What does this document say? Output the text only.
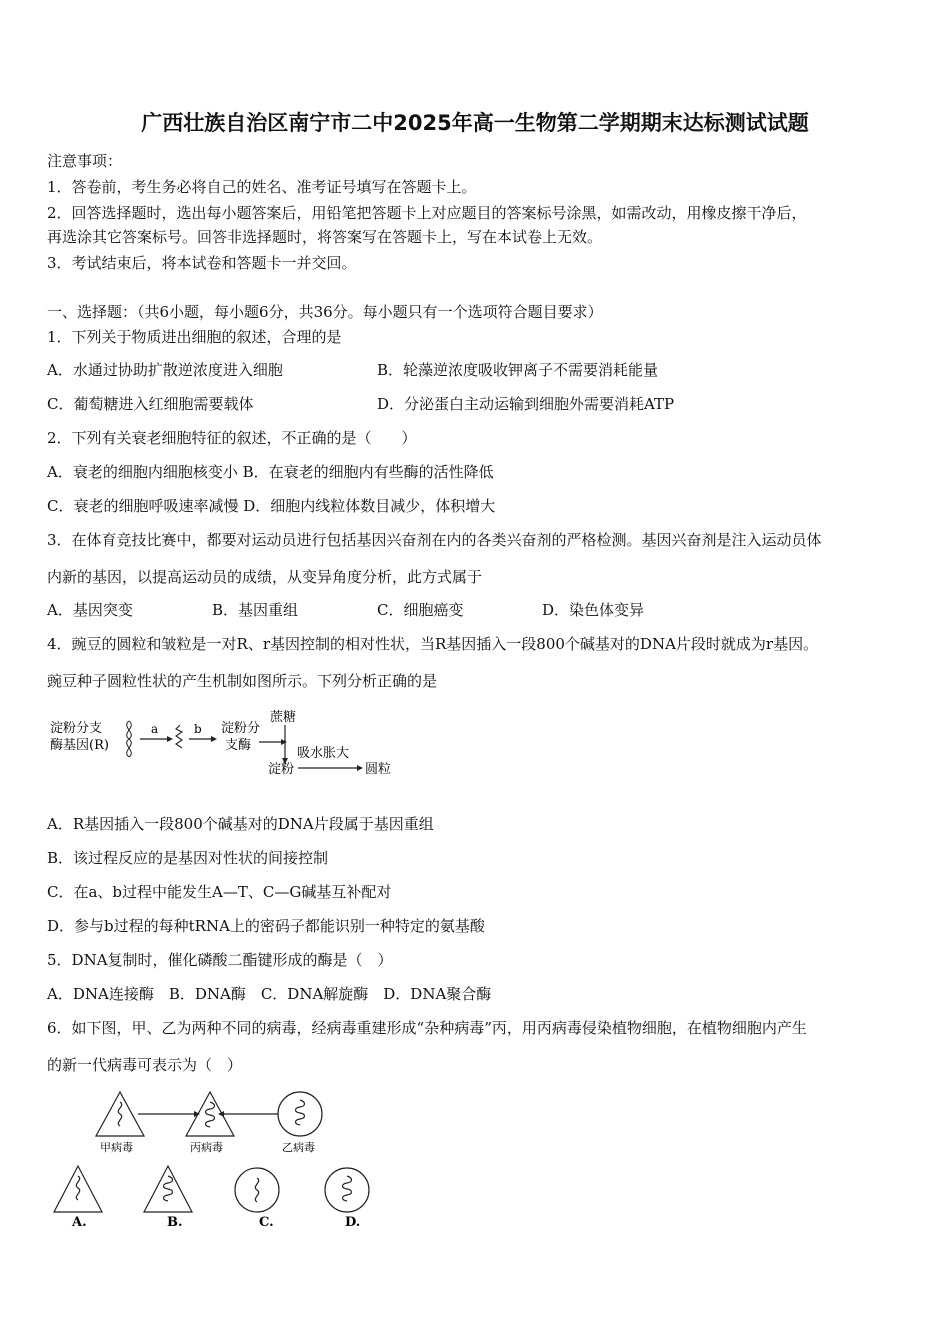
广西壮族自治区南宁市二中2025年高一生物第二学期期末达标测试试题
注意事项：
1．答卷前，考生务必将自己的姓名、准考证号填写在答题卡上。
2．回答选择题时，选出每小题答案后，用铅笔把答题卡上对应题目的答案标号涂黑，如需改动，用橡皮擦干净后，
再选涂其它答案标号。回答非选择题时，将答案写在答题卡上，写在本试卷上无效。
3．考试结束后，将本试卷和答题卡一并交回。
一、选择题：（共6小题，每小题6分，共36分。每小题只有一个选项符合题目要求）
1．下列关于物质进出细胞的叙述，合理的是
A．水通过协助扩散逆浓度进入细胞	B．轮藻逆浓度吸收钾离子不需要消耗能量
C．葡萄糖进入红细胞需要载体	D．分泌蛋白主动运输到细胞外需要消耗ATP
2．下列有关衰老细胞特征的叙述，不正确的是（　　）
A．衰老的细胞内细胞核变小 B．在衰老的细胞内有些酶的活性降低
C．衰老的细胞呼吸速率减慢 D．细胞内线粒体数目减少，体积增大
3．在体育竞技比赛中，都要对运动员进行包括基因兴奋剂在内的各类兴奋剂的严格检测。基因兴奋剂是注入运动员体
内新的基因，以提高运动员的成绩，从变异角度分析，此方式属于
A．基因突变	B．基因重组	C．细胞癌变	D．染色体变异
4．豌豆的圆粒和皱粒是一对R、r基因控制的相对性状，当R基因插入一段800个碱基对的DNA片段时就成为r基因。
豌豆种子圆粒性状的产生机制如图所示。下列分析正确的是
淀粉分支
酶基因(R)
a	b 淀粉分
支酶
蔗糖
淀粉
吸水胀大
圆粒
A．R基因插入一段800个碱基对的DNA片段属于基因重组
B．该过程反应的是基因对性状的间接控制
C．在a、b过程中能发生A—T、C—G碱基互补配对
D．参与b过程的每种tRNA上的密码子都能识别一种特定的氨基酸
5．DNA复制时，催化磷酸二酯键形成的酶是（　）
A．DNA连接酶　B．DNA酶　C．DNA解旋酶　D．DNA聚合酶
6．如下图，甲、乙为两种不同的病毒，经病毒重建形成“杂种病毒”丙，用丙病毒侵染植物细胞，在植物细胞内产生
的新一代病毒可表示为（　）
甲病毒	丙病毒	乙病毒
A.	B.	C.	D.
